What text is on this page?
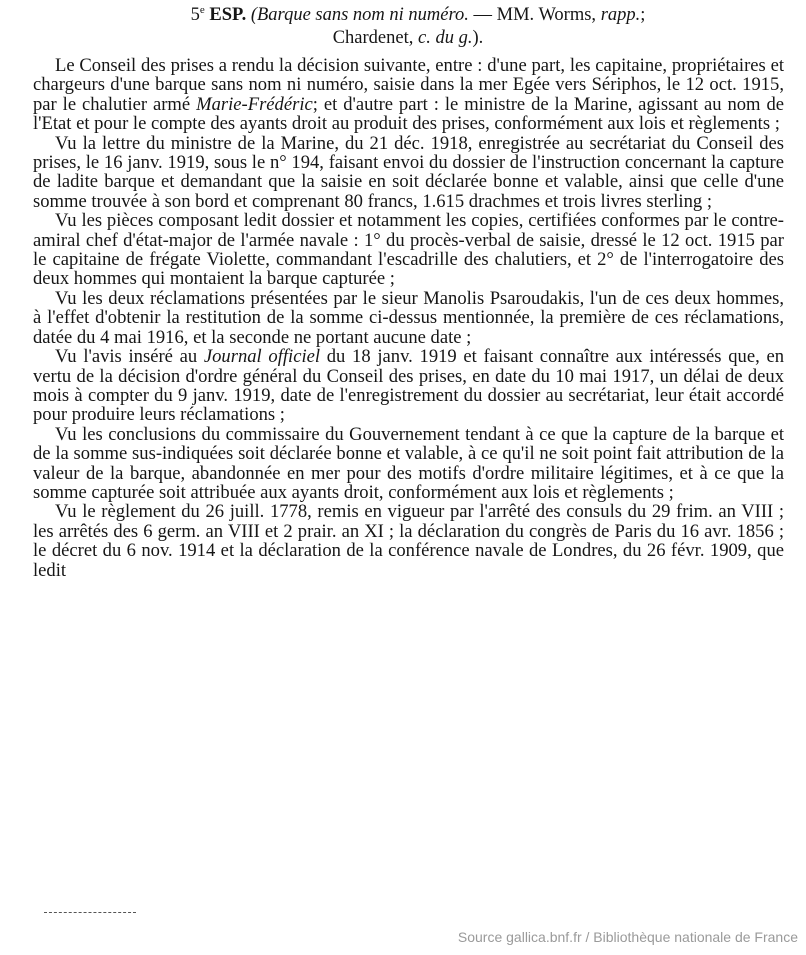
5e ESP. (Barque sans nom ni numéro. — MM. Worms, rapp.;
Chardenet, c. du g.).

Le Conseil des prises a rendu la décision suivante, entre : d'une part, les capitaine, propriétaires et chargeurs d'une barque sans nom ni numéro, saisie dans la mer Egée vers Sériphos, le 12 oct. 1915, par le chalutier armé Marie-Frédéric; et d'autre part : le ministre de la Marine, agissant au nom de l'Etat et pour le compte des ayants droit au produit des prises, conformément aux lois et règlements ;

Vu la lettre du ministre de la Marine, du 21 déc. 1918, enregistrée au secrétariat du Conseil des prises, le 16 janv. 1919, sous le n° 194, faisant envoi du dossier de l'instruction concernant la capture de ladite barque et demandant que la saisie en soit déclarée bonne et valable, ainsi que celle d'une somme trouvée à son bord et comprenant 80 francs, 1.615 drachmes et trois livres sterling ;

Vu les pièces composant ledit dossier et notamment les copies, certifiées conformes par le contre-amiral chef d'état-major de l'armée navale : 1° du procès-verbal de saisie, dressé le 12 oct. 1915 par le capitaine de frégate Violette, commandant l'escadrille des chalutiers, et 2° de l'interrogatoire des deux hommes qui montaient la barque capturée ;

Vu les deux réclamations présentées par le sieur Manolis Psaroudakis, l'un de ces deux hommes, à l'effet d'obtenir la restitution de la somme ci-dessus mentionnée, la première de ces réclamations, datée du 4 mai 1916, et la seconde ne portant aucune date ;

Vu l'avis inséré au Journal officiel du 18 janv. 1919 et faisant connaître aux intéressés que, en vertu de la décision d'ordre général du Conseil des prises, en date du 10 mai 1917, un délai de deux mois à compter du 9 janv. 1919, date de l'enregistrement du dossier au secrétariat, leur était accordé pour produire leurs réclamations ;

Vu les conclusions du commissaire du Gouvernement tendant à ce que la capture de la barque et de la somme sus-indiquées soit déclarée bonne et valable, à ce qu'il ne soit point fait attribution de la valeur de la barque, abandonnée en mer pour des motifs d'ordre militaire légitimes, et à ce que la somme capturée soit attribuée aux ayants droit, conformément aux lois et règlements ;

Vu le règlement du 26 juill. 1778, remis en vigueur par l'arrêté des consuls du 29 frim. an VIII ; les arrêtés des 6 germ. an VIII et 2 prair. an XI ; la déclaration du congrès de Paris du 16 avr. 1856 ; le décret du 6 nov. 1914 et la déclaration de la conférence navale de Londres, du 26 févr. 1909, que ledit

Source gallica.bnf.fr / Bibliothèque nationale de France
